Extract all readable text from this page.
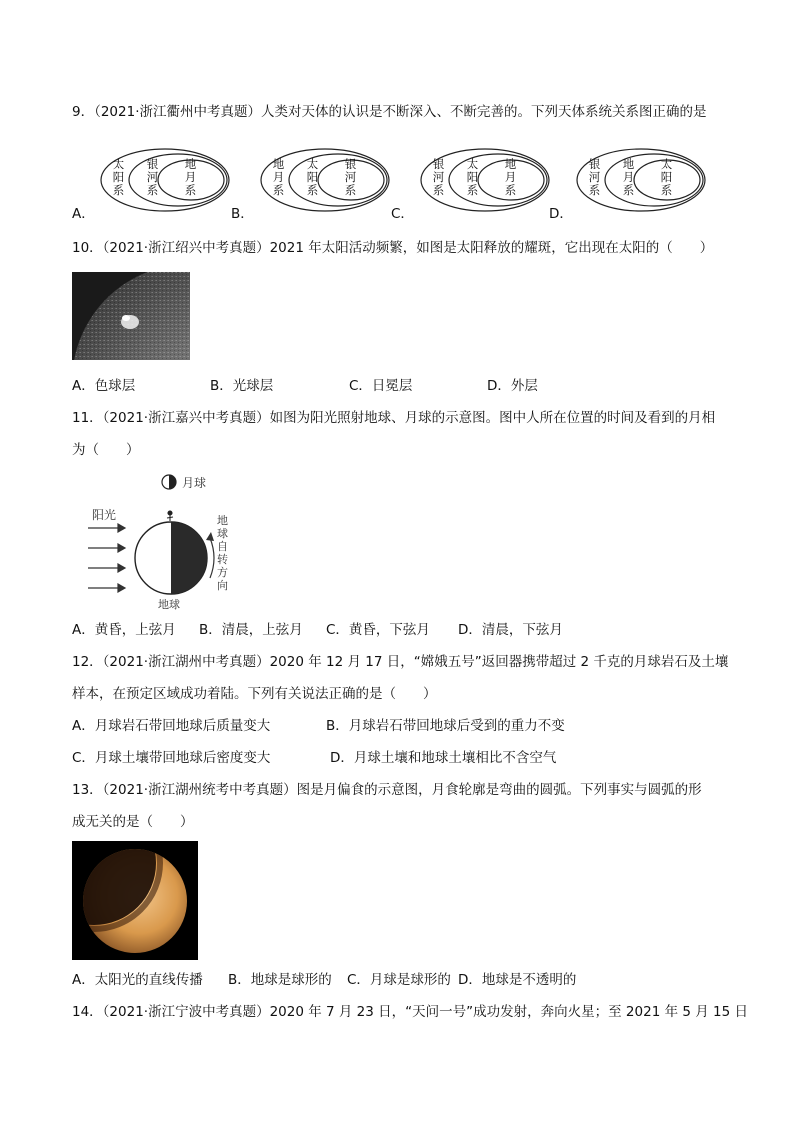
9．（2021·浙江衢州中考真题）人类对天体的认识是不断深入、不断完善的。下列天体系统关系图正确的是
A．	B．	C．	D．
太阳系
银河系
地月系
地月系
太阳系
银河系
银河系
太阳系
地月系
银河系
地月系
太阳系
10．（2021·浙江绍兴中考真题）2021 年太阳活动频繁，如图是太阳释放的耀斑，它出现在太阳的（　　）
A．色球层	B．光球层	C．日冕层	D．外层
11．（2021·浙江嘉兴中考真题）如图为阳光照射地球、月球的示意图。图中人所在位置的时间及看到的月相
为（　　）
月球
阳光
地球
地
球
自
转
方
向
A．黄昏，上弦月 B．清晨，上弦月 C．黄昏，下弦月 D．清晨，下弦月
12．（2021·浙江湖州中考真题）2020 年 12 月 17 日，“嫦娥五号”返回器携带超过 2 千克的月球岩石及土壤
样本，在预定区域成功着陆。下列有关说法正确的是（　　）
A．月球岩石带回地球后质量变大	B．月球岩石带回地球后受到的重力不变
C．月球土壤带回地球后密度变大	D．月球土壤和地球土壤相比不含空气
13．（2021·浙江湖州统考中考真题）图是月偏食的示意图，月食轮廓是弯曲的圆弧。下列事实与圆弧的形
成无关的是（　　）
A．太阳光的直线传播 B．地球是球形的 C．月球是球形的 D．地球是不透明的
14．（2021·浙江宁波中考真题）2020 年 7 月 23 日，“天问一号”成功发射，奔向火星；至 2021 年 5 月 15 日
